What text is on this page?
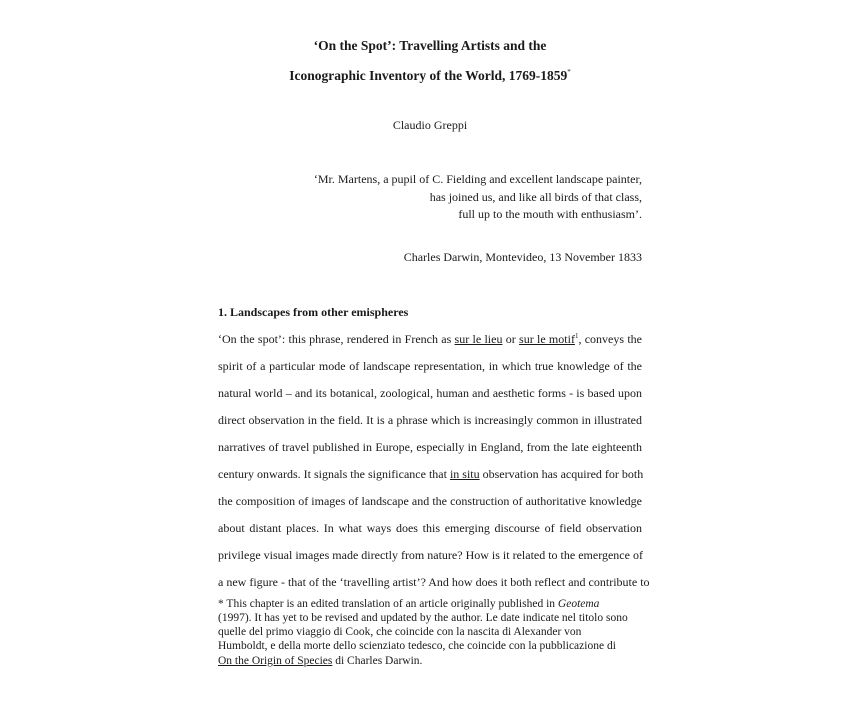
‘On the Spot’: Travelling Artists and the
Iconographic Inventory of the World, 1769-1859*
Claudio Greppi
‘Mr. Martens, a pupil of C. Fielding and excellent landscape painter,
has joined us, and like all birds of that class,
full up to the mouth with enthusiasm’.
Charles Darwin, Montevideo, 13 November 1833
1. Landscapes from other emispheres
‘On the spot’: this phrase, rendered in French as sur le lieu or sur le motif$^1$, conveys the
spirit of a particular mode of landscape representation, in which true knowledge of the
natural world – and its botanical, zoological, human and aesthetic forms - is based upon
direct observation in the field. It is a phrase which is increasingly common in illustrated
narratives of travel published in Europe, especially in England, from the late eighteenth
century onwards. It signals the significance that in situ observation has acquired for both
the composition of images of landscape and the construction of authoritative knowledge
about distant places. In what ways does this emerging discourse of field observation
privilege visual images made directly from nature? How is it related to the emergence of
a new figure - that of the ‘travelling artist’? And how does it both reflect and contribute to
* This chapter is an edited translation of an article originally published in Geotema
(1997). It has yet to be revised and updated by the author. Le date indicate nel titolo sono
quelle del primo viaggio di Cook, che coincide con la nascita di Alexander von
Humboldt, e della morte dello scienziato tedesco, che coincide con la pubblicazione di
On the Origin of Species di Charles Darwin.
